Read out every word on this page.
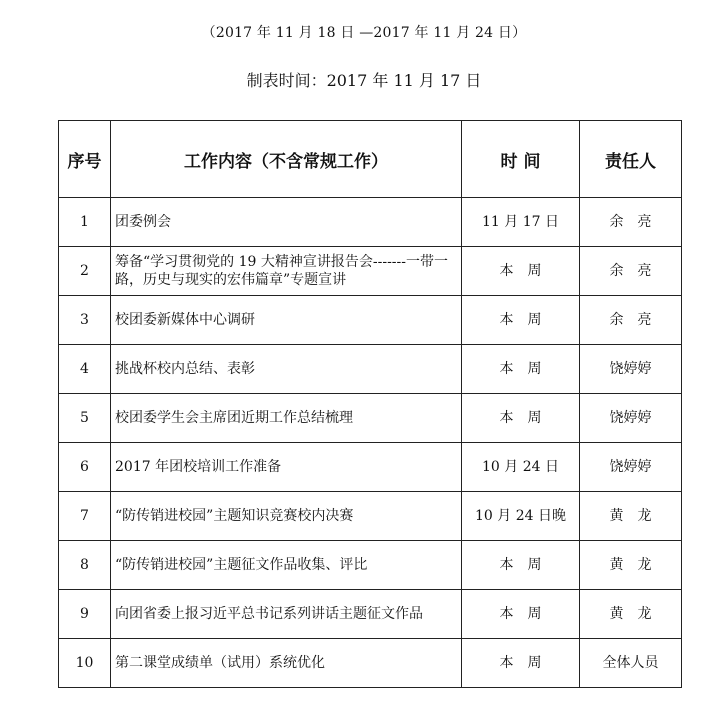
（2017 年 11 月 18 日 —2017 年 11 月 24 日）
制表时间：2017 年 11 月 17 日
序号	工作内容（不含常规工作）	时 间	责任人
1	团委例会	11 月 17 日	余　亮
2	筹备“学习贯彻党的 19 大精神宣讲报告会-------一带一路，历史与现实的宏伟篇章”专题宣讲	本　周	余　亮
3	校团委新媒体中心调研	本　周	余　亮
4	挑战杯校内总结、表彰	本　周	饶婷婷
5	校团委学生会主席团近期工作总结梳理	本　周	饶婷婷
6	2017 年团校培训工作准备	10 月 24 日	饶婷婷
7	“防传销进校园”主题知识竞赛校内决赛	10 月 24 日晚	黄　龙
8	“防传销进校园”主题征文作品收集、评比	本　周	黄　龙
9	向团省委上报习近平总书记系列讲话主题征文作品	本　周	黄　龙
10	第二课堂成绩单（试用）系统优化	本　周	全体人员
